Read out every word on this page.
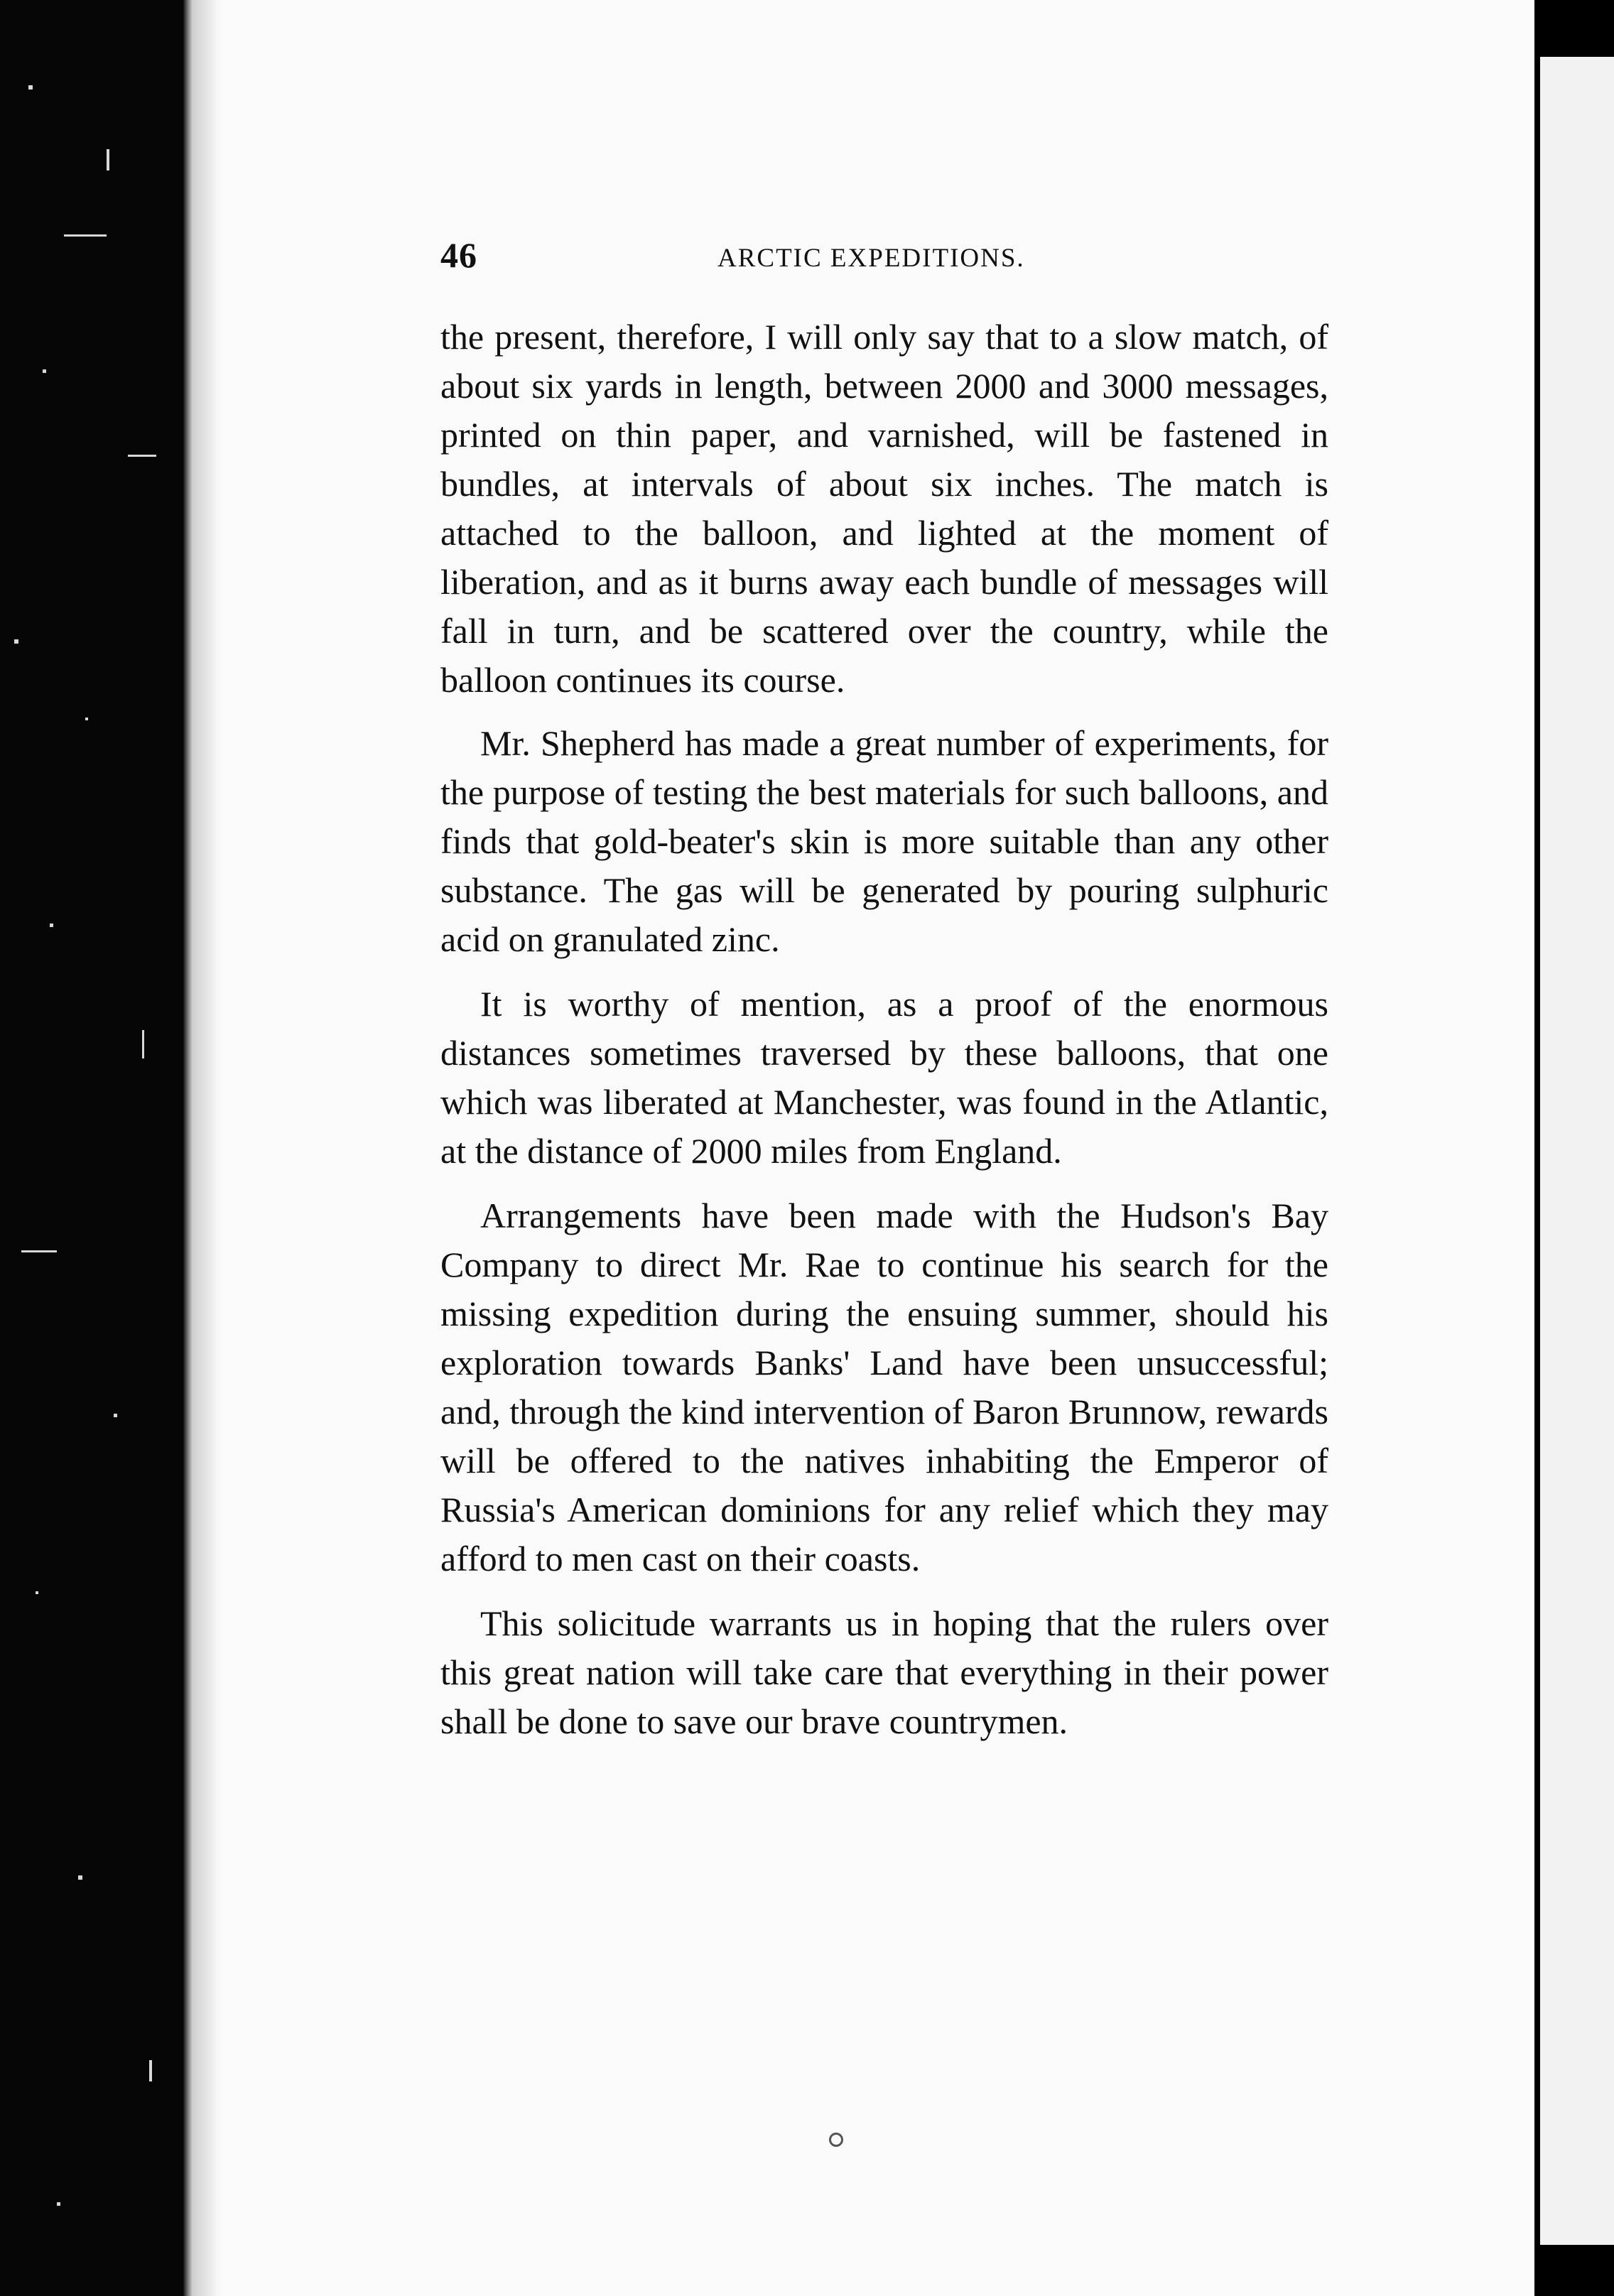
46	ARCTIC EXPEDITIONS.

the present, therefore, I will only say that to a slow match, of about six yards in length, between 2000 and 3000 messages, printed on thin paper, and varnished, will be fastened in bundles, at intervals of about six inches. The match is attached to the balloon, and lighted at the moment of liberation, and as it burns away each bundle of messages will fall in turn, and be scattered over the country, while the balloon continues its course.

Mr. Shepherd has made a great number of experiments, for the purpose of testing the best materials for such balloons, and finds that gold-beater's skin is more suitable than any other substance. The gas will be generated by pouring sulphuric acid on granulated zinc.

It is worthy of mention, as a proof of the enormous distances sometimes traversed by these balloons, that one which was liberated at Manchester, was found in the Atlantic, at the distance of 2000 miles from England.

Arrangements have been made with the Hudson's Bay Company to direct Mr. Rae to continue his search for the missing expedition during the ensuing summer, should his exploration towards Banks' Land have been unsuccessful; and, through the kind intervention of Baron Brunnow, rewards will be offered to the natives inhabiting the Emperor of Russia's American dominions for any relief which they may afford to men cast on their coasts.

This solicitude warrants us in hoping that the rulers over this great nation will take care that everything in their power shall be done to save our brave countrymen.
